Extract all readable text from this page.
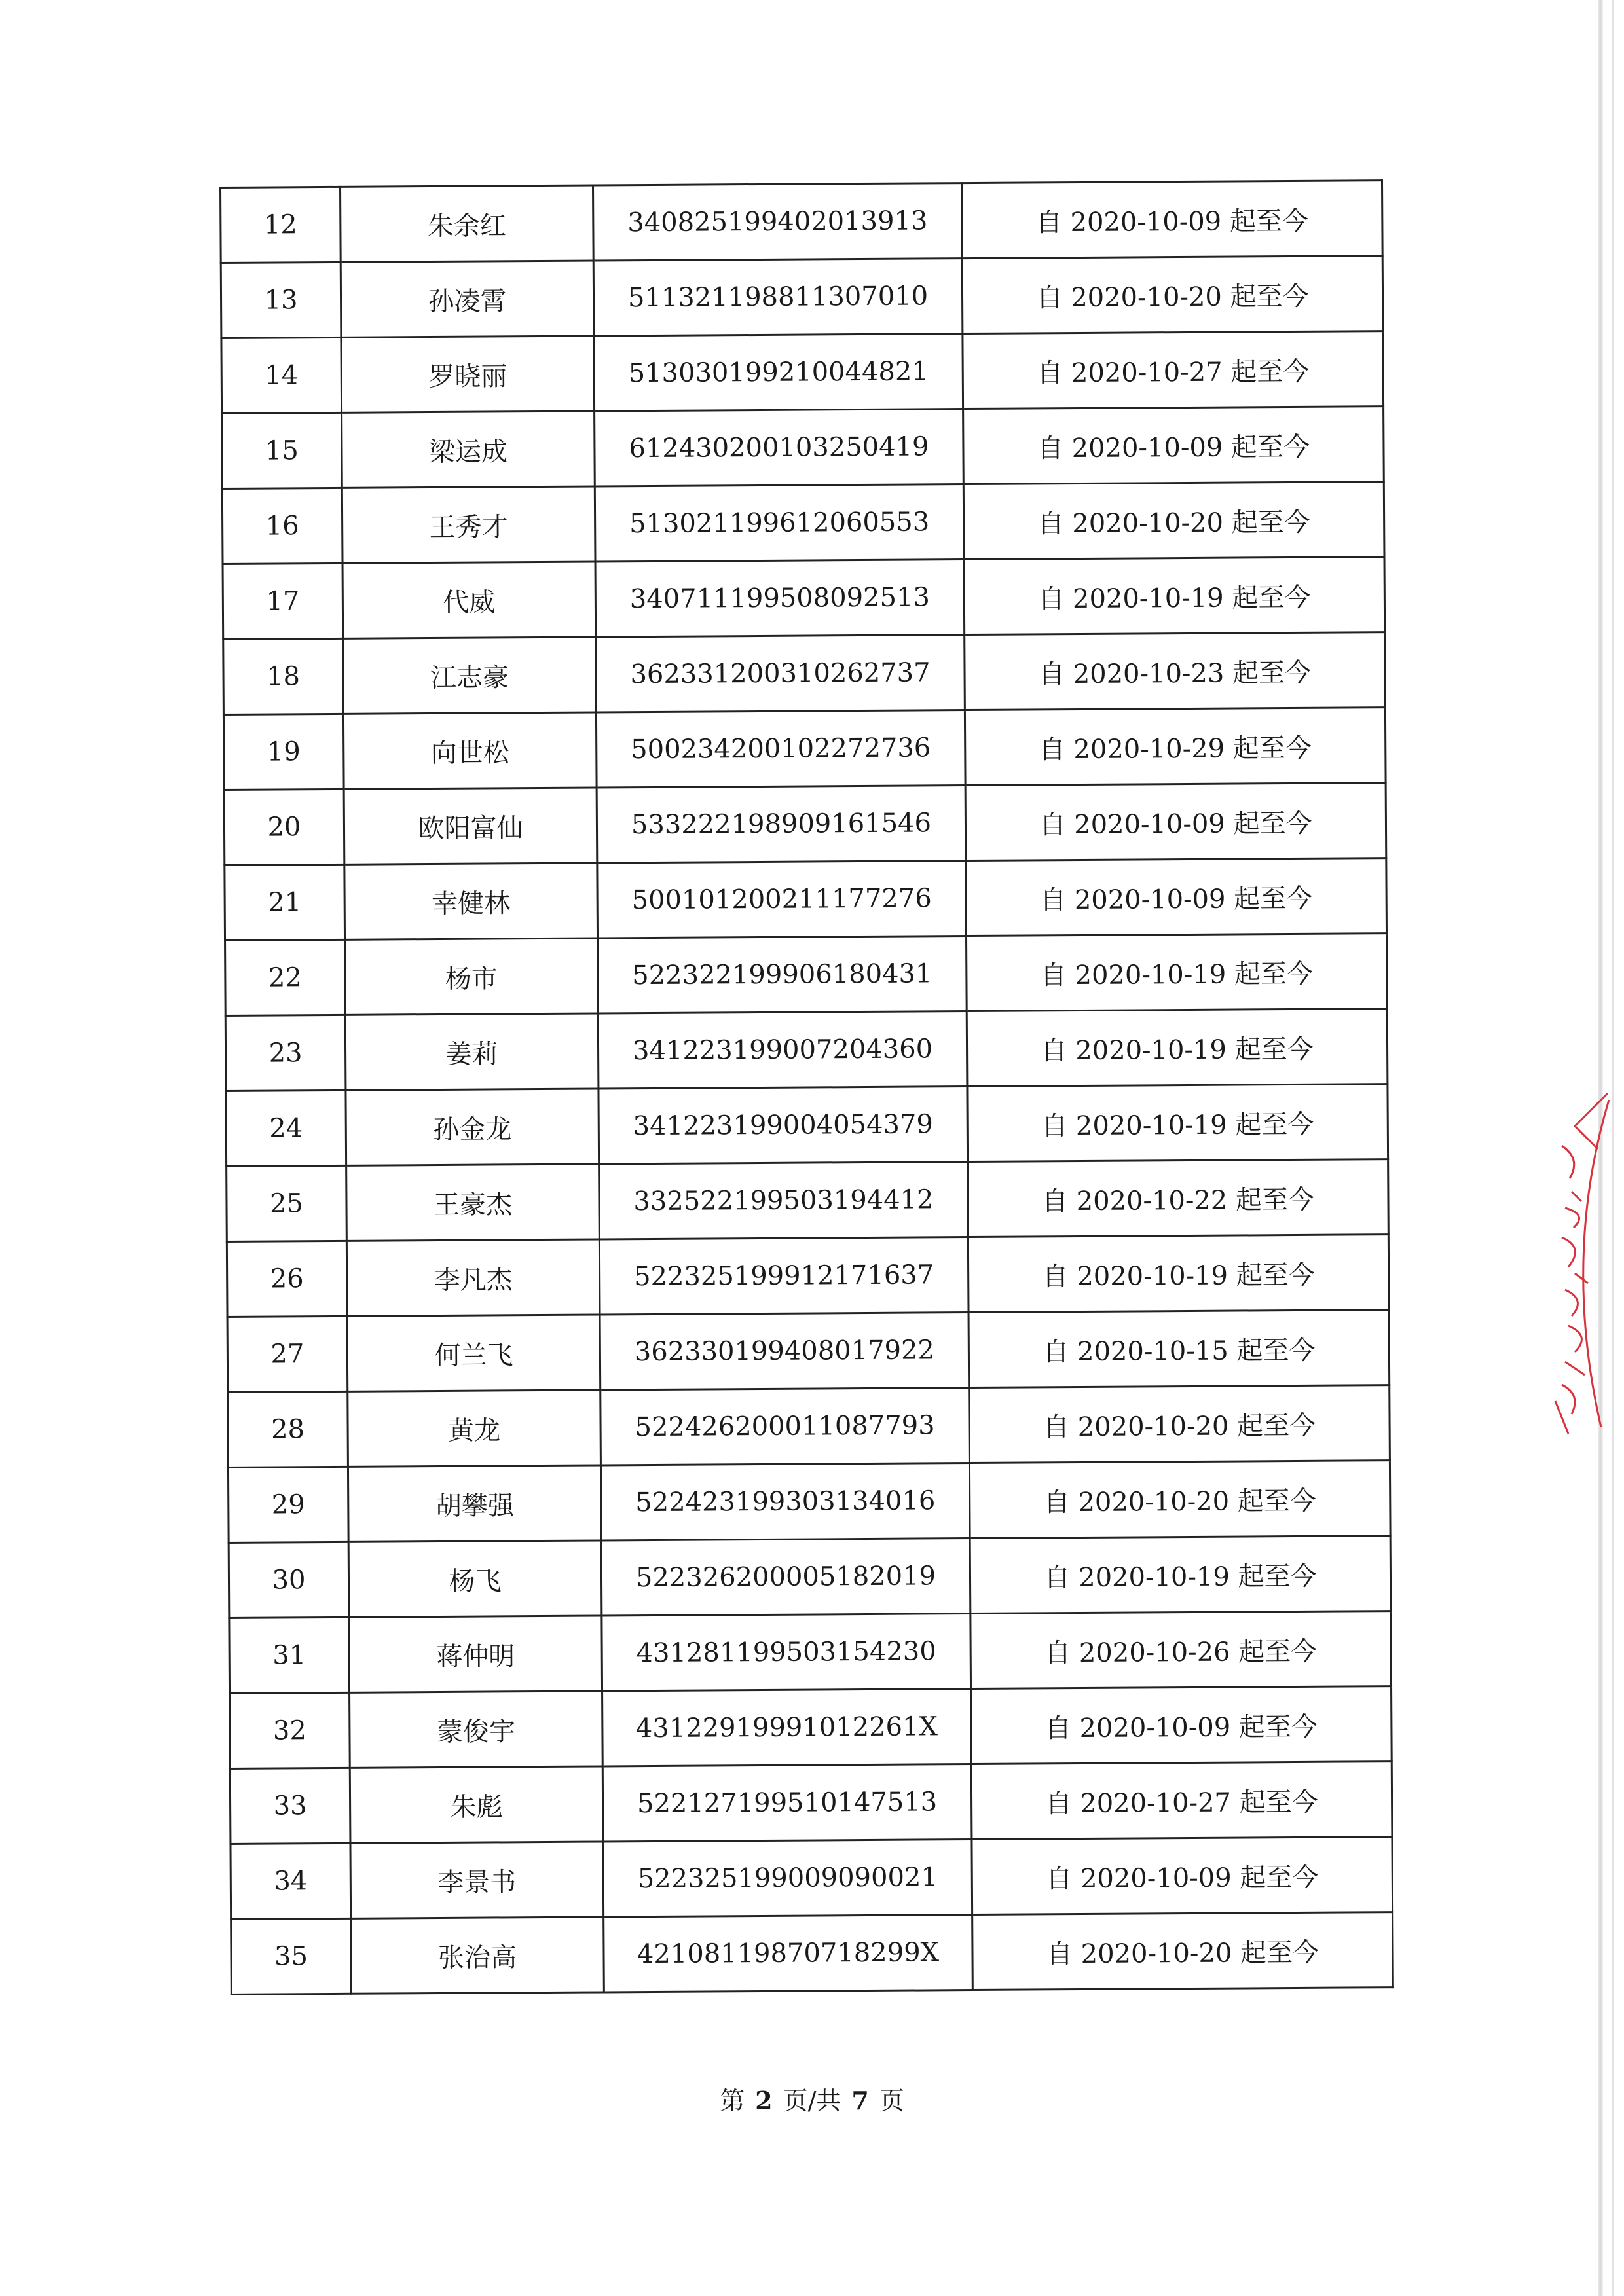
12	朱余红	340825199402013913	自 2020-10-09 起至今
13	孙凌霄	511321198811307010	自 2020-10-20 起至今
14	罗晓丽	513030199210044821	自 2020-10-27 起至今
15	梁运成	612430200103250419	自 2020-10-09 起至今
16	王秀才	513021199612060553	自 2020-10-20 起至今
17	代威	340711199508092513	自 2020-10-19 起至今
18	江志豪	362331200310262737	自 2020-10-23 起至今
19	向世松	500234200102272736	自 2020-10-29 起至今
20	欧阳富仙	533222198909161546	自 2020-10-09 起至今
21	幸健林	500101200211177276	自 2020-10-09 起至今
22	杨市	522322199906180431	自 2020-10-19 起至今
23	姜莉	341223199007204360	自 2020-10-19 起至今
24	孙金龙	341223199004054379	自 2020-10-19 起至今
25	王豪杰	332522199503194412	自 2020-10-22 起至今
26	李凡杰	522325199912171637	自 2020-10-19 起至今
27	何兰飞	362330199408017922	自 2020-10-15 起至今
28	黄龙	522426200011087793	自 2020-10-20 起至今
29	胡攀强	522423199303134016	自 2020-10-20 起至今
30	杨飞	522326200005182019	自 2020-10-19 起至今
31	蒋仲明	431281199503154230	自 2020-10-26 起至今
32	蒙俊宇	43122919991012261X	自 2020-10-09 起至今
33	朱彪	522127199510147513	自 2020-10-27 起至今
34	李景书	522325199009090021	自 2020-10-09 起至今
35	张治高	42108119870718299X	自 2020-10-20 起至今
第 2 页/共 7 页
